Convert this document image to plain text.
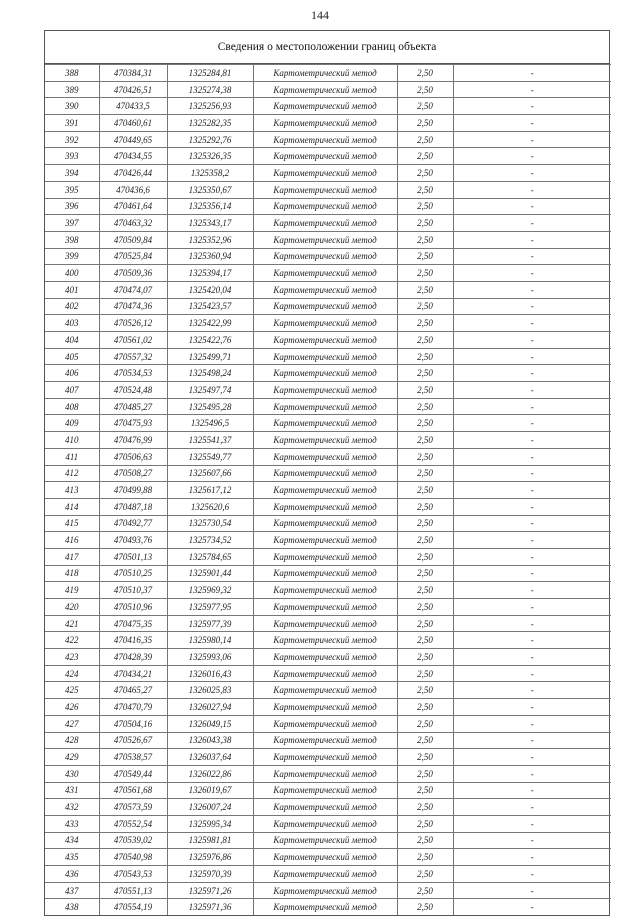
144
Сведения о местоположении границ объекта
388	470384,31	1325284,81	Картометрический метод	2,50	-
389	470426,51	1325274,38	Картометрический метод	2,50	-
390	470433,5	1325256,93	Картометрический метод	2,50	-
391	470460,61	1325282,35	Картометрический метод	2,50	-
392	470449,65	1325292,76	Картометрический метод	2,50	-
393	470434,55	1325326,35	Картометрический метод	2,50	-
394	470426,44	1325358,2	Картометрический метод	2,50	-
395	470436,6	1325350,67	Картометрический метод	2,50	-
396	470461,64	1325356,14	Картометрический метод	2,50	-
397	470463,32	1325343,17	Картометрический метод	2,50	-
398	470509,84	1325352,96	Картометрический метод	2,50	-
399	470525,84	1325360,94	Картометрический метод	2,50	-
400	470509,36	1325394,17	Картометрический метод	2,50	-
401	470474,07	1325420,04	Картометрический метод	2,50	-
402	470474,36	1325423,57	Картометрический метод	2,50	-
403	470526,12	1325422,99	Картометрический метод	2,50	-
404	470561,02	1325422,76	Картометрический метод	2,50	-
405	470557,32	1325499,71	Картометрический метод	2,50	-
406	470534,53	1325498,24	Картометрический метод	2,50	-
407	470524,48	1325497,74	Картометрический метод	2,50	-
408	470485,27	1325495,28	Картометрический метод	2,50	-
409	470475,93	1325496,5	Картометрический метод	2,50	-
410	470476,99	1325541,37	Картометрический метод	2,50	-
411	470506,63	1325549,77	Картометрический метод	2,50	-
412	470508,27	1325607,66	Картометрический метод	2,50	-
413	470499,88	1325617,12	Картометрический метод	2,50	-
414	470487,18	1325620,6	Картометрический метод	2,50	-
415	470492,77	1325730,54	Картометрический метод	2,50	-
416	470493,76	1325734,52	Картометрический метод	2,50	-
417	470501,13	1325784,65	Картометрический метод	2,50	-
418	470510,25	1325901,44	Картометрический метод	2,50	-
419	470510,37	1325969,32	Картометрический метод	2,50	-
420	470510,96	1325977,95	Картометрический метод	2,50	-
421	470475,35	1325977,39	Картометрический метод	2,50	-
422	470416,35	1325980,14	Картометрический метод	2,50	-
423	470428,39	1325993,06	Картометрический метод	2,50	-
424	470434,21	1326016,43	Картометрический метод	2,50	-
425	470465,27	1326025,83	Картометрический метод	2,50	-
426	470470,79	1326027,94	Картометрический метод	2,50	-
427	470504,16	1326049,15	Картометрический метод	2,50	-
428	470526,67	1326043,38	Картометрический метод	2,50	-
429	470538,57	1326037,64	Картометрический метод	2,50	-
430	470549,44	1326022,86	Картометрический метод	2,50	-
431	470561,68	1326019,67	Картометрический метод	2,50	-
432	470573,59	1326007,24	Картометрический метод	2,50	-
433	470552,54	1325995,34	Картометрический метод	2,50	-
434	470539,02	1325981,81	Картометрический метод	2,50	-
435	470540,98	1325976,86	Картометрический метод	2,50	-
436	470543,53	1325970,39	Картометрический метод	2,50	-
437	470551,13	1325971,26	Картометрический метод	2,50	-
438	470554,19	1325971,36	Картометрический метод	2,50	-
